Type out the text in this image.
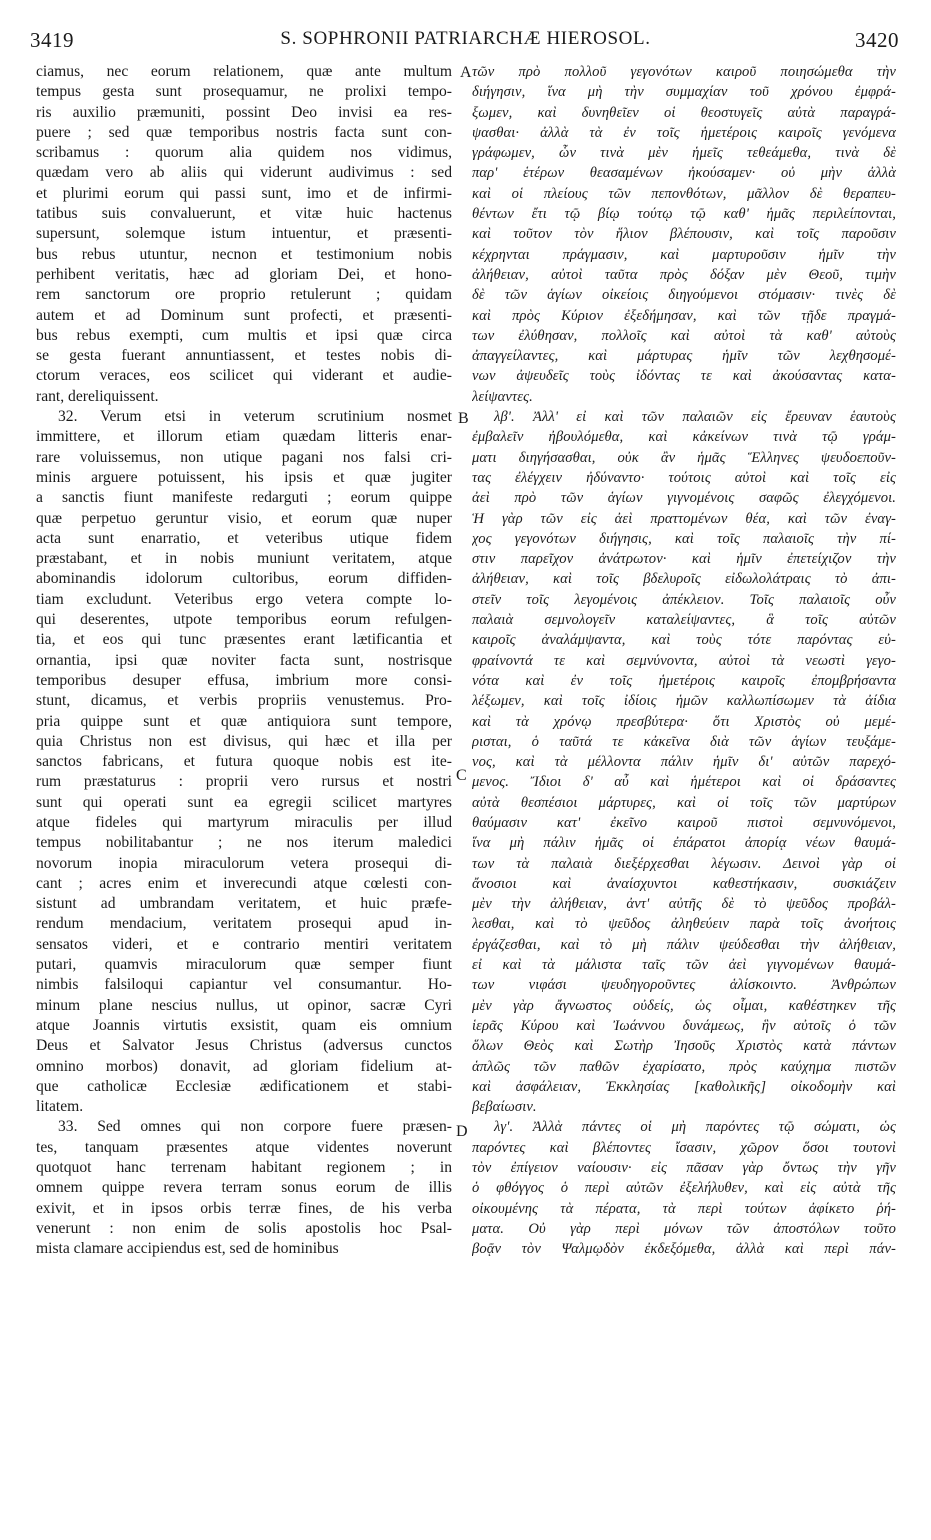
3419	S. SOPHRONII PATRIARCHÆ HIEROSOL.	3420
ciamus, nec eorum relationem, quæ ante multum
tempus gesta sunt prosequamur, ne prolixi tempo-
ris auxilio præmuniti, possint Deo invisi ea res-
puere ; sed quæ temporibus nostris facta sunt con-
scribamus : quorum alia quidem nos vidimus,
quædam vero ab aliis qui viderunt audivimus : sed
et plurimi eorum qui passi sunt, imo et de infirmi-
tatibus suis convaluerunt, et vitæ huic hactenus
supersunt, solemque istum intuentur, et præsenti-
bus rebus utuntur, necnon et testimonium nobis
perhibent veritatis, hæc ad gloriam Dei, et hono-
rem sanctorum ore proprio retulerunt ; quidam
autem et ad Dominum sunt profecti, et præsenti-
bus rebus exempti, cum multis et ipsi quæ circa
se gesta fuerant annuntiassent, et testes nobis di-
ctorum veraces, eos scilicet qui viderant et audie-
rant, dereliquissent.
32. Verum etsi in veterum scrutinium nosmet
immittere, et illorum etiam quædam litteris enar-
rare voluissemus, non utique pagani nos falsi cri-
minis arguere potuissent, his ipsis et quæ jugiter
a sanctis fiunt manifeste redarguti ; eorum quippe
quæ perpetuo geruntur visio, et eorum quæ nuper
acta sunt enarratio, et veteribus utique fidem
præstabant, et in nobis muniunt veritatem, atque
abominandis idolorum cultoribus, eorum diffiden-
tiam excludunt. Veteribus ergo vetera compte lo-
qui deserentes, utpote temporibus eorum refulgen-
tia, et eos qui tunc præsentes erant lætificantia et
ornantia, ipsi quæ noviter facta sunt, nostrisque
temporibus desuper effusa, imbrium more consi-
stunt, dicamus, et verbis propriis venustemus. Pro-
pria quippe sunt et quæ antiquiora sunt tempore,
quia Christus non est divisus, qui hæc et illa per
sanctos fabricans, et futura quoque nobis est ite-
rum præstaturus : proprii vero rursus et nostri
sunt qui operati sunt ea egregii scilicet martyres
atque fideles qui martyrum miraculis per illud
tempus nobilitabantur ; ne nos iterum maledici
novorum inopia miraculorum vetera prosequi di-
cant ; acres enim et inverecundi atque cœlesti con-
sistunt ad umbrandam veritatem, et huic præfe-
rendum mendacium, veritatem prosequi apud in-
sensatos videri, et e contrario mentiri veritatem
putari, quamvis miraculorum quæ semper fiunt
nimbis falsiloqui capiantur vel consumantur. Ho-
minum plane nescius nullus, ut opinor, sacræ Cyri
atque Joannis virtutis exsistit, quam eis omnium
Deus et Salvator Jesus Christus (adversus cunctos
omnino morbos) donavit, ad gloriam fidelium at-
que catholicæ Ecclesiæ ædificationem et stabi-
litatem.
33. Sed omnes qui non corpore fuere præsen-
tes, tanquam præsentes atque videntes noverunt
quotquot hanc terrenam habitant regionem ; in
omnem quippe revera terram sonus eorum de illis
exivit, et in ipsos orbis terræ fines, de his verba
venerunt : non enim de solis apostolis hoc Psal-
mista clamare accipiendus est, sed de hominibus
τῶν πρὸ πολλοῦ γεγονότων καιροῦ ποιησώμεθα τὴν
διήγησιν, ἵνα μὴ τὴν συμμαχίαν τοῦ χρόνου ἐμφρά-
ξωμεν, καὶ δυνηθεῖεν οἱ θεοστυγεῖς αὐτὰ παραγρά-
ψασθαι· ἀλλὰ τὰ ἐν τοῖς ἡμετέροις καιροῖς γενόμενα
γράφωμεν, ὧν τινὰ μὲν ἡμεῖς τεθεάμεθα, τινὰ δὲ
παρ' ἑτέρων θεασαμένων ἠκούσαμεν· οὐ μὴν ἀλλὰ
καὶ οἱ πλείους τῶν πεπονθότων, μᾶλλον δὲ θεραπευ-
θέντων ἔτι τῷ βίῳ τούτῳ τῷ καθ' ἡμᾶς περιλείπονται,
καὶ τοῦτον τὸν ἥλιον βλέπουσιν, καὶ τοῖς παροῦσιν
κέχρηνται πράγμασιν, καὶ μαρτυροῦσιν ἡμῖν τὴν
ἀλήθειαν, αὐτοὶ ταῦτα πρὸς δόξαν μὲν Θεοῦ, τιμὴν
δὲ τῶν ἁγίων οἰκείοις διηγούμενοι στόμασιν· τινὲς δὲ
καὶ πρὸς Κύριον ἐξεδήμησαν, καὶ τῶν τῇδε πραγμά-
των ἐλύθησαν, πολλοῖς καὶ αὐτοὶ τὰ καθ' αὐτοὺς
ἀπαγγείλαντες, καὶ μάρτυρας ἡμῖν τῶν λεχθησομέ-
νων ἀψευδεῖς τοὺς ἰδόντας τε καὶ ἀκούσαντας κατα-
λείψαντες.
λβʹ. Ἀλλ' εἰ καὶ τῶν παλαιῶν εἰς ἔρευναν ἑαυτοὺς
ἐμβαλεῖν ἠβουλόμεθα, καὶ κἀκείνων τινὰ τῷ γράμ-
ματι διηγήσασθαι, οὐκ ἂν ἡμᾶς Ἕλληνες ψευδοεποῦν-
τας ἐλέγχειν ἠδύναντο· τούτοις αὐτοὶ καὶ τοῖς εἰς
ἀεὶ πρὸ τῶν ἁγίων γιγνομένοις σαφῶς ἐλεγχόμενοι.
Ἡ γὰρ τῶν εἰς ἀεὶ πραττομένων θέα, καὶ τῶν ἐναγ-
χος γεγονότων διήγησις, καὶ τοῖς παλαιοῖς τὴν πί-
στιν παρεῖχον ἀνάτρωτον· καὶ ἡμῖν ἐπετείχιζον τὴν
ἀλήθειαν, καὶ τοῖς βδελυροῖς εἰδωλολάτραις τὸ ἀπι-
στεῖν τοῖς λεγομένοις ἀπέκλειον. Τοῖς παλαιοῖς οὖν
παλαιὰ σεμνολογεῖν καταλείψαντες, ἃ τοῖς αὐτῶν
καιροῖς ἀναλάμψαντα, καὶ τοὺς τότε παρόντας εὐ-
φραίνοντά τε καὶ σεμνύνοντα, αὐτοὶ τὰ νεωστὶ γεγο-
νότα καὶ ἐν τοῖς ἡμετέροις καιροῖς ἐπομβρήσαντα
λέξωμεν, καὶ τοῖς ἰδίοις ἡμῶν καλλωπίσωμεν τὰ ἀίδια
καὶ τὰ χρόνῳ πρεσβύτερα· ὅτι Χριστὸς οὐ μεμέ-
ρισται, ὁ ταῦτά τε κἀκεῖνα διὰ τῶν ἁγίων τευξάμε-
νος, καὶ τὰ μέλλοντα πάλιν ἡμῖν δι' αὐτῶν παρεχό-
μενος. Ἴδιοι δ' αὖ καὶ ἡμέτεροι καὶ οἱ δράσαντες
αὐτὰ θεσπέσιοι μάρτυρες, καὶ οἱ τοῖς τῶν μαρτύρων
θαύμασιν κατ' ἐκεῖνο καιροῦ πιστοὶ σεμνυνόμενοι,
ἵνα μὴ πάλιν ἡμᾶς οἱ ἐπάρατοι ἀπορίᾳ νέων θαυμά-
των τὰ παλαιὰ διεξέρχεσθαι λέγωσιν. Δεινοὶ γὰρ οἱ
ἄνοσιοι καὶ ἀναίσχυντοι καθεστήκασιν, συσκιάζειν
μὲν τὴν ἀλήθειαν, ἀντ' αὐτῆς δὲ τὸ ψεῦδος προβάλ-
λεσθαι, καὶ τὸ ψεῦδος ἀληθεύειν παρὰ τοῖς ἀνοήτοις
ἐργάζεσθαι, καὶ τὸ μὴ πάλιν ψεύδεσθαι τὴν ἀλήθειαν,
εἰ καὶ τὰ μάλιστα ταῖς τῶν ἀεὶ γιγνομένων θαυμά-
των νιφάσι ψευδηγοροῦντες ἁλίσκοιντο. Ἀνθρώπων
μὲν γὰρ ἄγνωστος οὐδείς, ὡς οἶμαι, καθέστηκεν τῆς
ἱερᾶς Κύρου καὶ Ἰωάννου δυνάμεως, ἣν αὐτοῖς ὁ τῶν
ὅλων Θεὸς καὶ Σωτὴρ Ἰησοῦς Χριστὸς κατὰ πάντων
ἁπλῶς τῶν παθῶν ἐχαρίσατο, πρὸς καύχημα πιστῶν
καὶ ἀσφάλειαν, Ἐκκλησίας [καθολικῆς] οἰκοδομὴν καὶ
βεβαίωσιν.
λγʹ. Ἀλλὰ πάντες οἱ μὴ παρόντες τῷ σώματι, ὡς
παρόντες καὶ βλέποντες ἴσασιν, χῶρον ὅσοι τουτονὶ
τὸν ἐπίγειον ναίουσιν· εἰς πᾶσαν γὰρ ὄντως τὴν γῆν
ὁ φθόγγος ὁ περὶ αὐτῶν ἐξελήλυθεν, καὶ εἰς αὐτὰ τῆς
οἰκουμένης τὰ πέρατα, τὰ περὶ τούτων ἀφίκετο ῥή-
ματα. Οὐ γὰρ περὶ μόνων τῶν ἀποστόλων τοῦτο
βοᾷν τὸν Ψαλμῳδὸν ἐκδεξόμεθα, ἀλλὰ καὶ περὶ πάν-
A
B
C
D
